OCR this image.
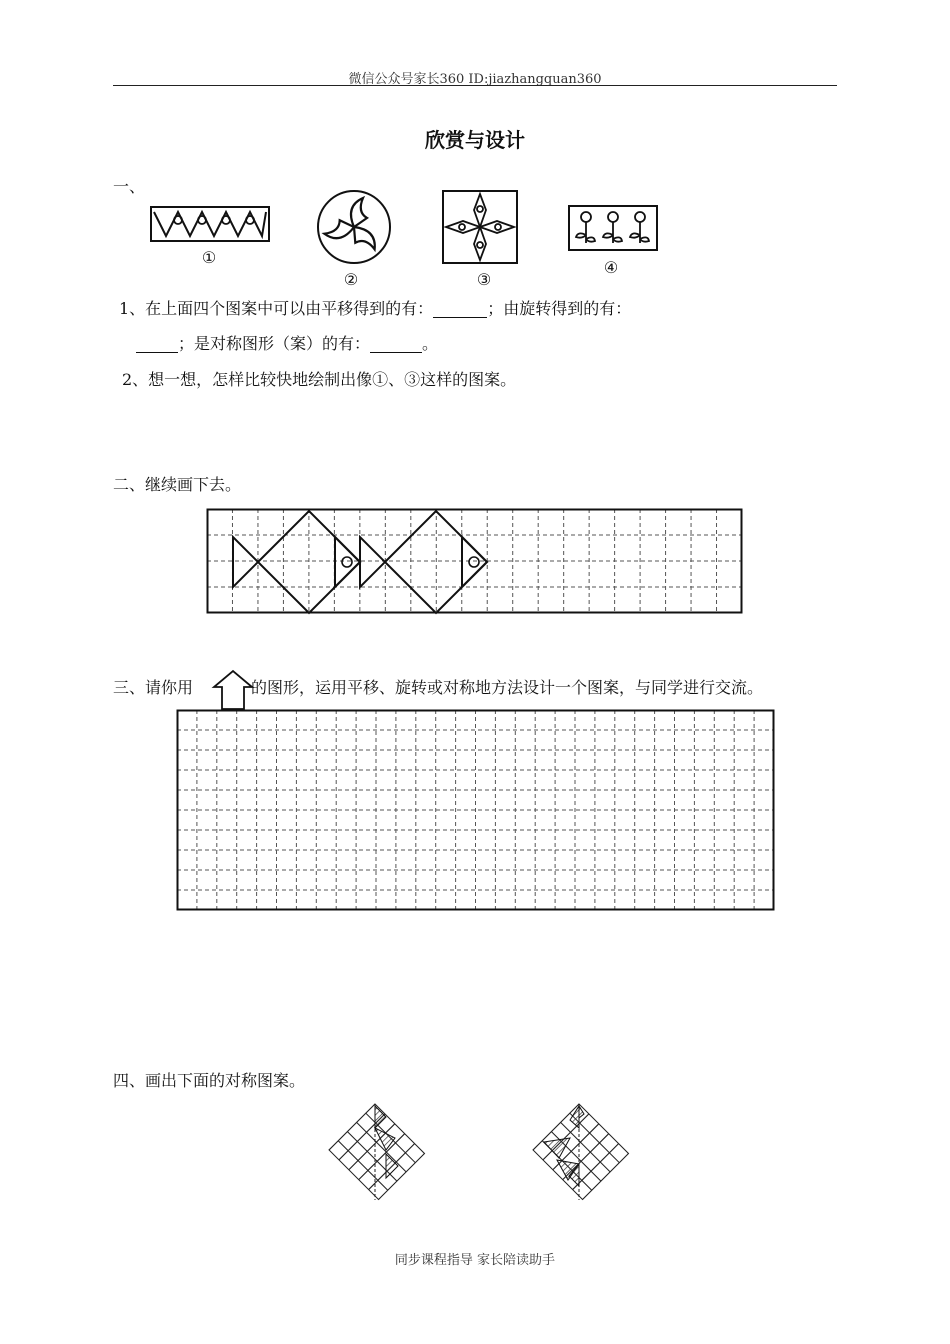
微信公众号家长360 ID:jiazhangquan360
欣赏与设计
一、
①
②	③
④
1、在上面四个图案中可以由平移得到的有：	；由旋转得到的有：
；是对称图形（案）的有：	。
2、想一想，怎样比较快地绘制出像①、③这样的图案。
二、继续画下去。
三、请你用	的图形，运用平移、旋转或对称地方法设计一个图案，与同学进行交流。
四、画出下面的对称图案。
同步课程指导 家长陪读助手
